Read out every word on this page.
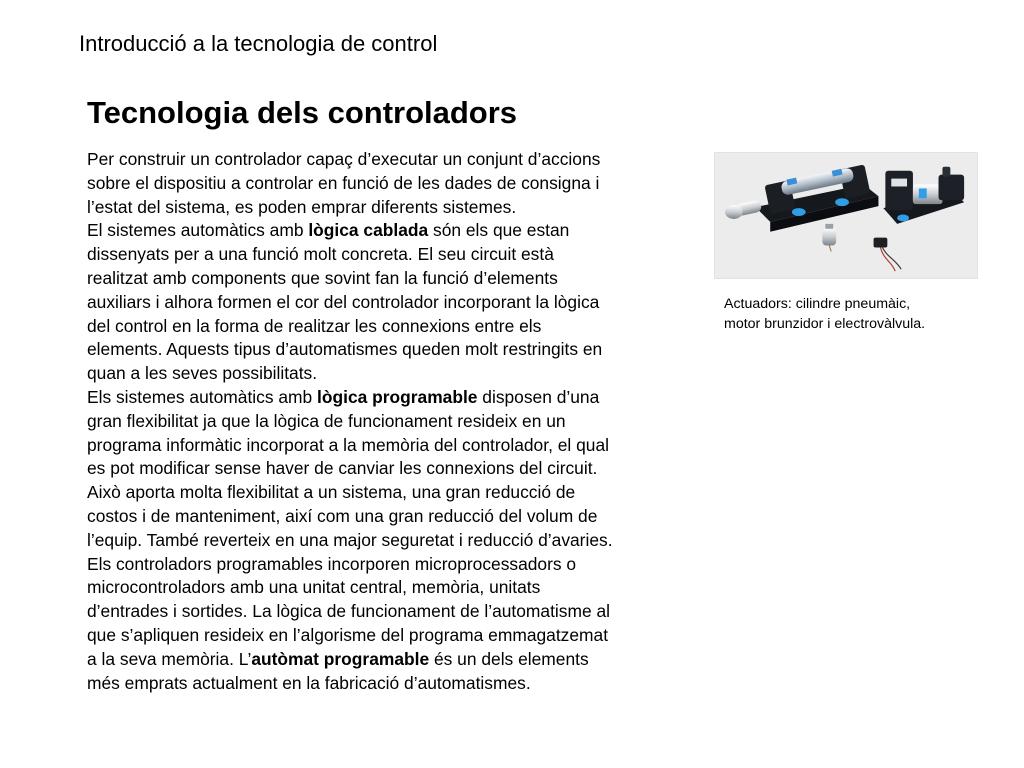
Introducció a la tecnologia de control
Tecnologia dels controladors

Per construir un controlador capaç d’executar un conjunt d’accions
sobre el dispositiu a controlar en funció de les dades de consigna i
l’estat del sistema, es poden emprar diferents sistemes.

El sistemes automàtics amb lògica cablada són els que estan
dissenyats per a una funció molt concreta. El seu circuit està
realitzat amb components que sovint fan la funció d’elements
auxiliars i alhora formen el cor del controlador incorporant la lògica
del control en la forma de realitzar les connexions entre els
elements. Aquests tipus d’automatismes queden molt restringits en
quan a les seves possibilitats.

Els sistemes automàtics amb lògica programable disposen d’una
gran flexibilitat ja que la lògica de funcionament resideix en un
programa informàtic incorporat a la memòria del controlador, el qual
es pot modificar sense haver de canviar les connexions del circuit.
Això aporta molta flexibilitat a un sistema, una gran reducció de
costos i de manteniment, així com una gran reducció del volum de
l’equip. També reverteix en una major seguretat i reducció d’avaries.

Els controladors programables incorporen microprocessadors o
microcontroladors amb una unitat central, memòria, unitats
d’entrades i sortides. La lògica de funcionament de l’automatisme al
que s’apliquen resideix en l’algorisme del programa emmagatzemat
a la seva memòria. L’autòmat programable és un dels elements
més emprats actualment en la fabricació d’automatismes.

Actuadors: cilindre pneumàic,
motor brunzidor i electrovàlvula.
